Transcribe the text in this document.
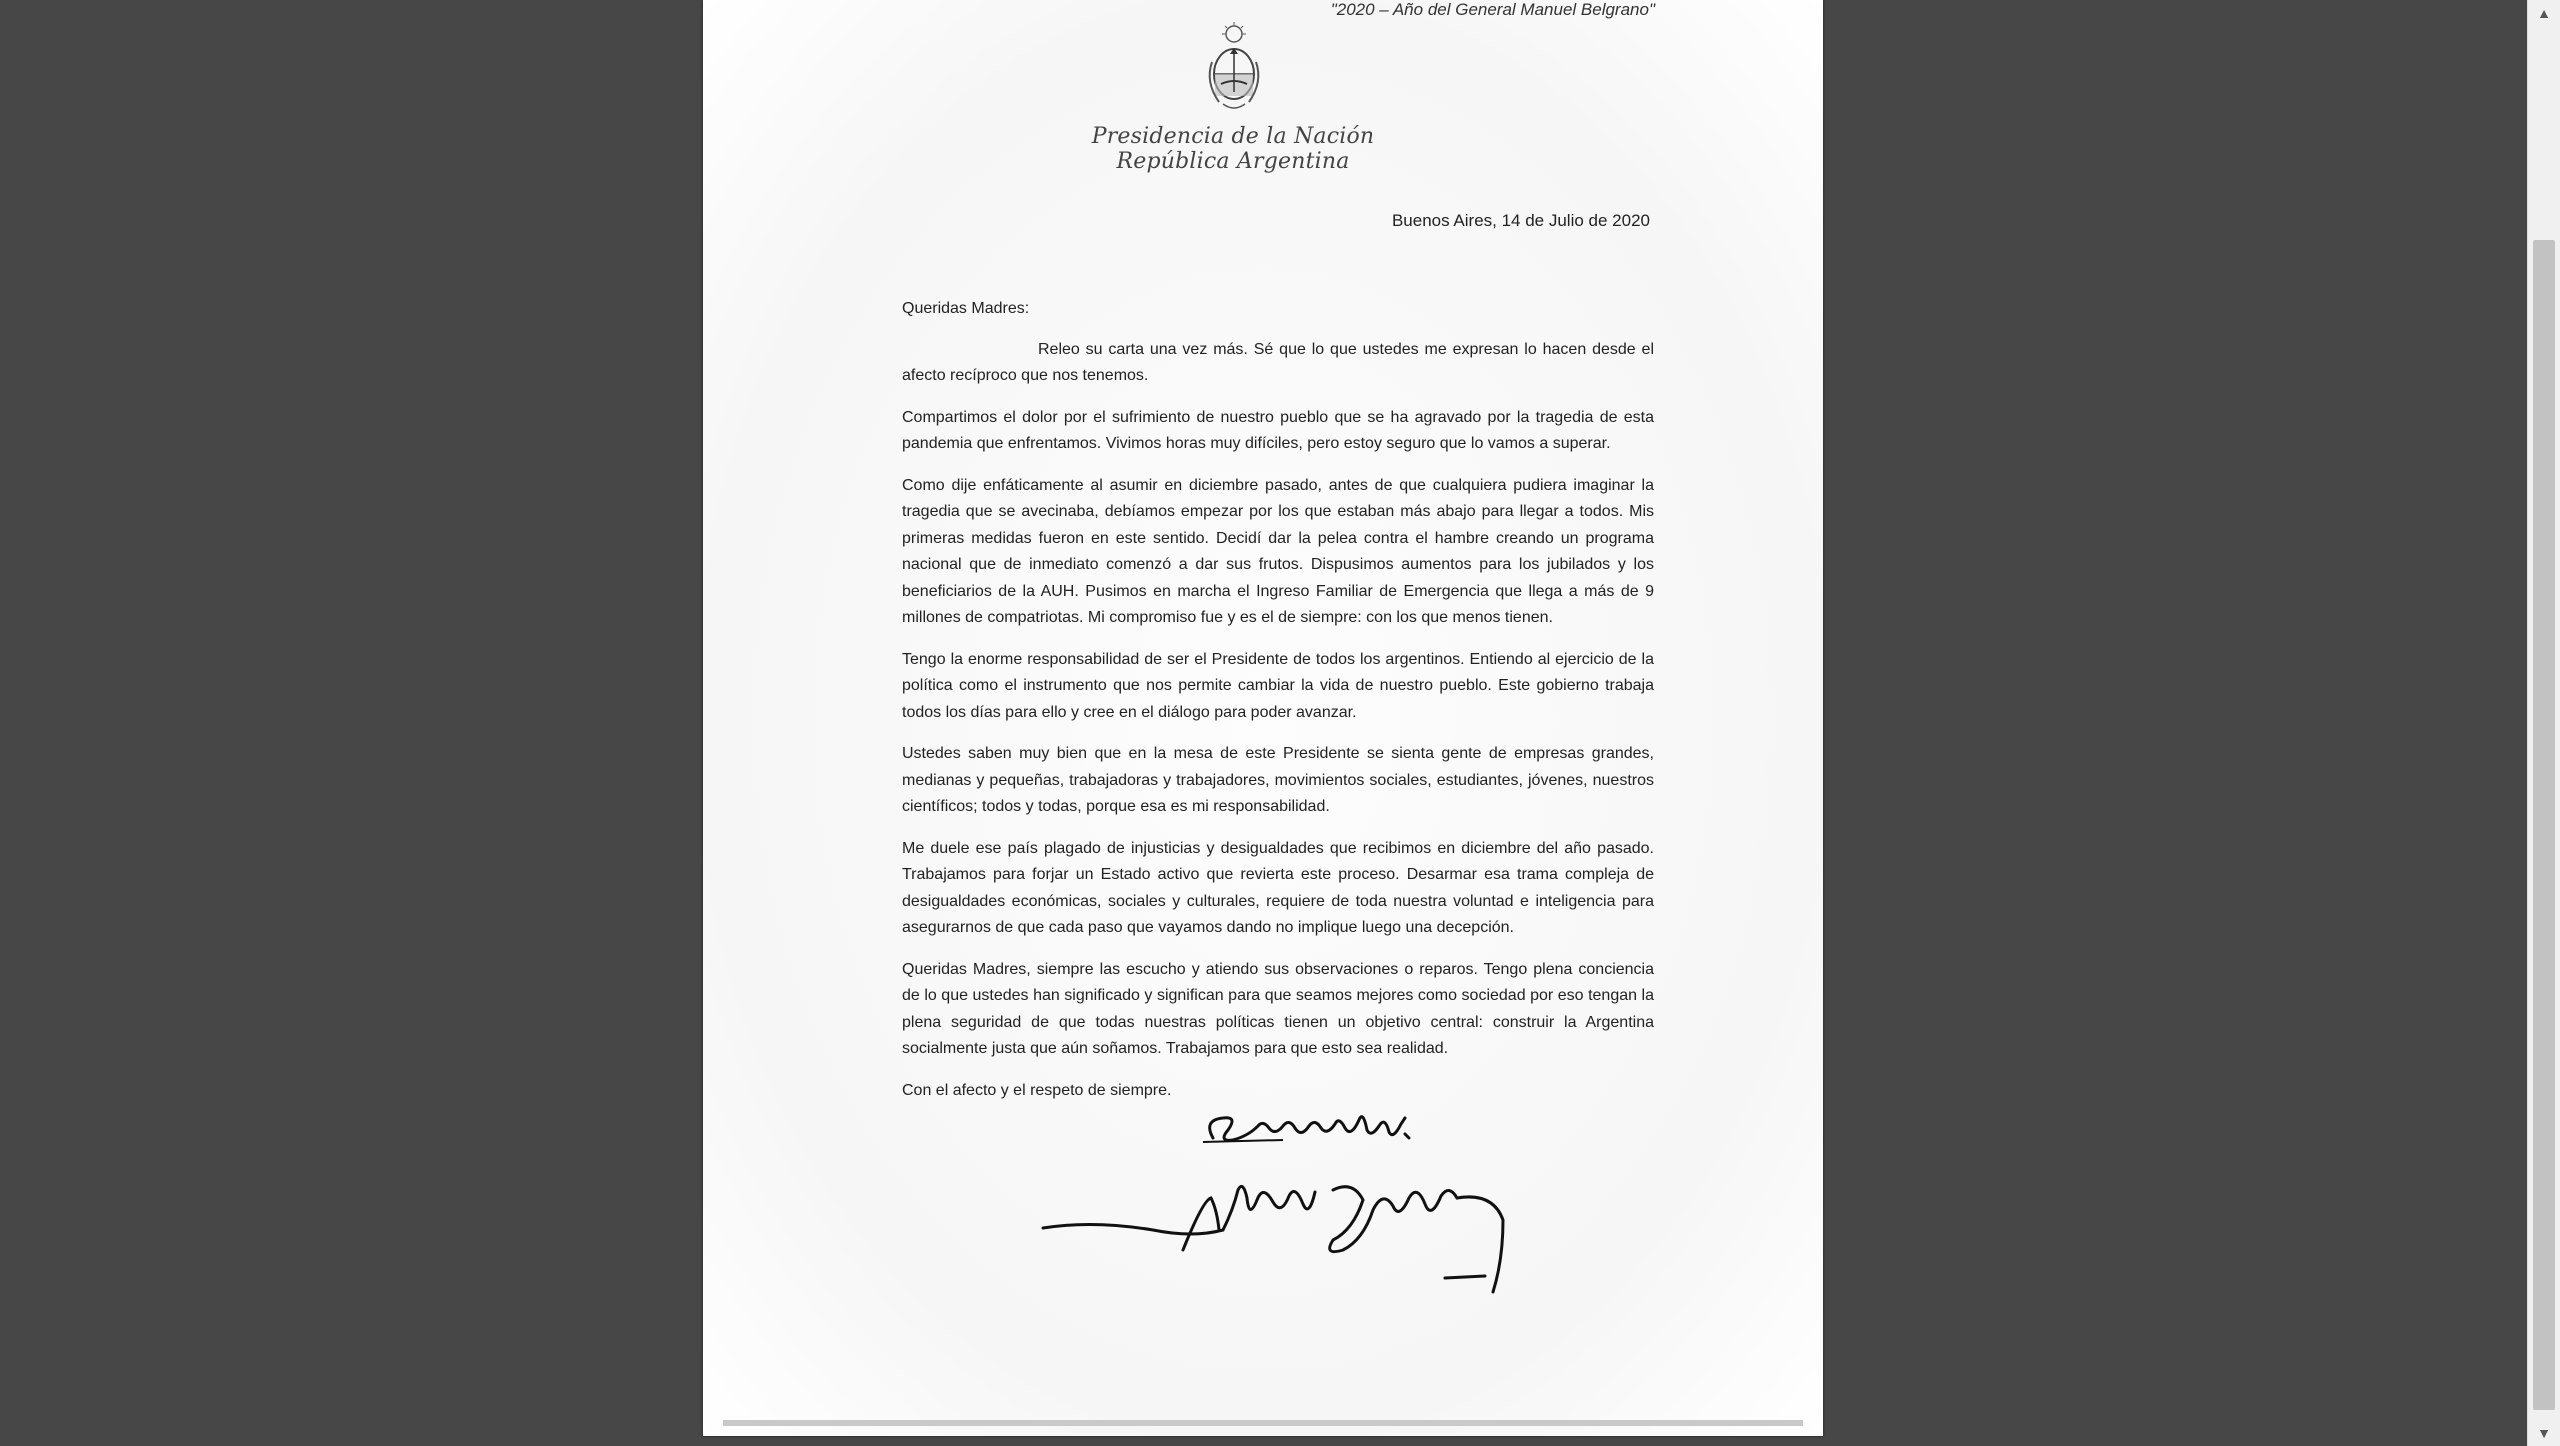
"2020 – Año del General Manuel Belgrano"
Presidencia de la Nación República Argentina
Buenos Aires, 14 de Julio de 2020

Queridas Madres:

Releo su carta una vez más. Sé que lo que ustedes me expresan lo hacen desde el afecto recíproco que nos tenemos.

Compartimos el dolor por el sufrimiento de nuestro pueblo que se ha agravado por la tragedia de esta pandemia que enfrentamos. Vivimos horas muy difíciles, pero estoy seguro que lo vamos a superar.

Como dije enfáticamente al asumir en diciembre pasado, antes de que cualquiera pudiera imaginar la tragedia que se avecinaba, debíamos empezar por los que estaban más abajo para llegar a todos. Mis primeras medidas fueron en este sentido. Decidí dar la pelea contra el hambre creando un programa nacional que de inmediato comenzó a dar sus frutos. Dispusimos aumentos para los jubilados y los beneficiarios de la AUH. Pusimos en marcha el Ingreso Familiar de Emergencia que llega a más de 9 millones de compatriotas. Mi compromiso fue y es el de siempre: con los que menos tienen.

Tengo la enorme responsabilidad de ser el Presidente de todos los argentinos. Entiendo al ejercicio de la política como el instrumento que nos permite cambiar la vida de nuestro pueblo. Este gobierno trabaja todos los días para ello y cree en el diálogo para poder avanzar.

Ustedes saben muy bien que en la mesa de este Presidente se sienta gente de empresas grandes, medianas y pequeñas, trabajadoras y trabajadores, movimientos sociales, estudiantes, jóvenes, nuestros científicos; todos y todas, porque esa es mi responsabilidad.

Me duele ese país plagado de injusticias y desigualdades que recibimos en diciembre del año pasado. Trabajamos para forjar un Estado activo que revierta este proceso. Desarmar esa trama compleja de desigualdades económicas, sociales y culturales, requiere de toda nuestra voluntad e inteligencia para asegurarnos de que cada paso que vayamos dando no implique luego una decepción.

Queridas Madres, siempre las escucho y atiendo sus observaciones o reparos. Tengo plena conciencia de lo que ustedes han significado y significan para que seamos mejores como sociedad por eso tengan la plena seguridad de que todas nuestras políticas tienen un objetivo central: construir la Argentina socialmente justa que aún soñamos. Trabajamos para que esto sea realidad.

Con el afecto y el respeto de siempre.

▲
▼
